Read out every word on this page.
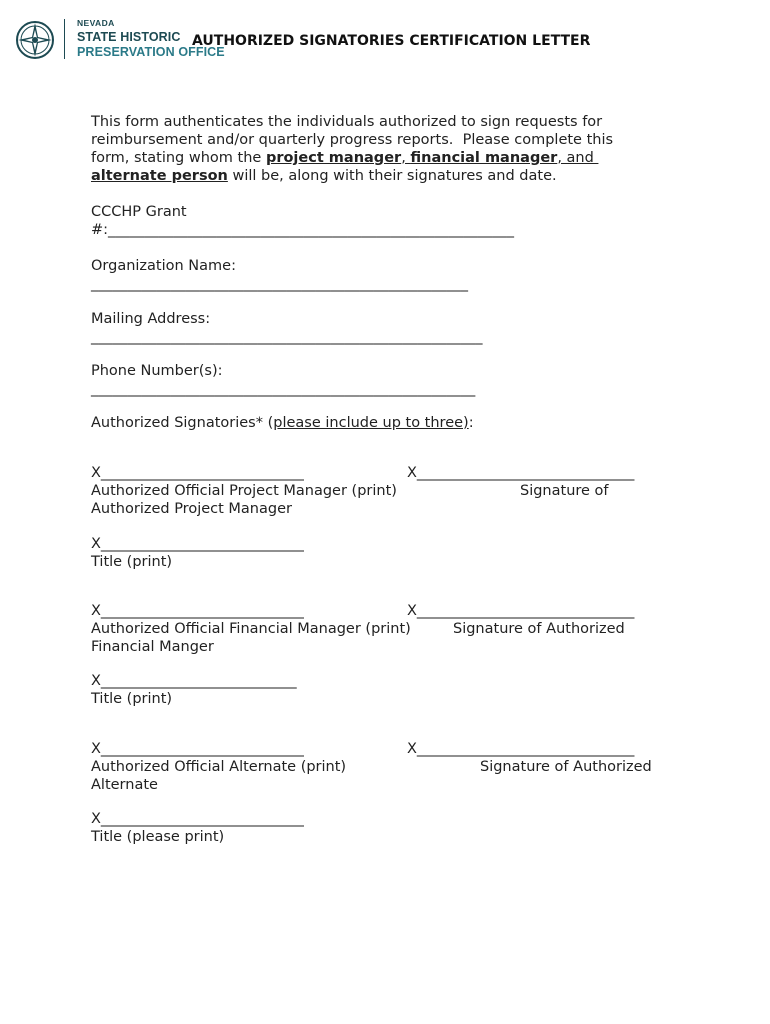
NEVADA
STATE HISTORIC
PRESERVATION OFFICE
AUTHORIZED SIGNATORIES CERTIFICATION LETTER
This form authenticates the individuals authorized to sign requests for
reimbursement and/or quarterly progress reports.  Please complete this
form, stating whom the project manager, financial manager, and
alternate person will be, along with their signatures and date.
CCCHP Grant
#:________________________________________________________
Organization Name:
____________________________________________________
Mailing Address:
______________________________________________________
Phone Number(s):
_____________________________________________________
Authorized Signatories* (please include up to three):
X____________________________	X______________________________
Authorized Official Project Manager (print)	Signature of
Authorized Project Manager
X____________________________
Title (print)
X____________________________	X______________________________
Authorized Official Financial Manager (print)	Signature of Authorized
Financial Manger
X___________________________
Title (print)
X____________________________	X______________________________
Authorized Official Alternate (print)	Signature of Authorized
Alternate
X____________________________
Title (please print)
